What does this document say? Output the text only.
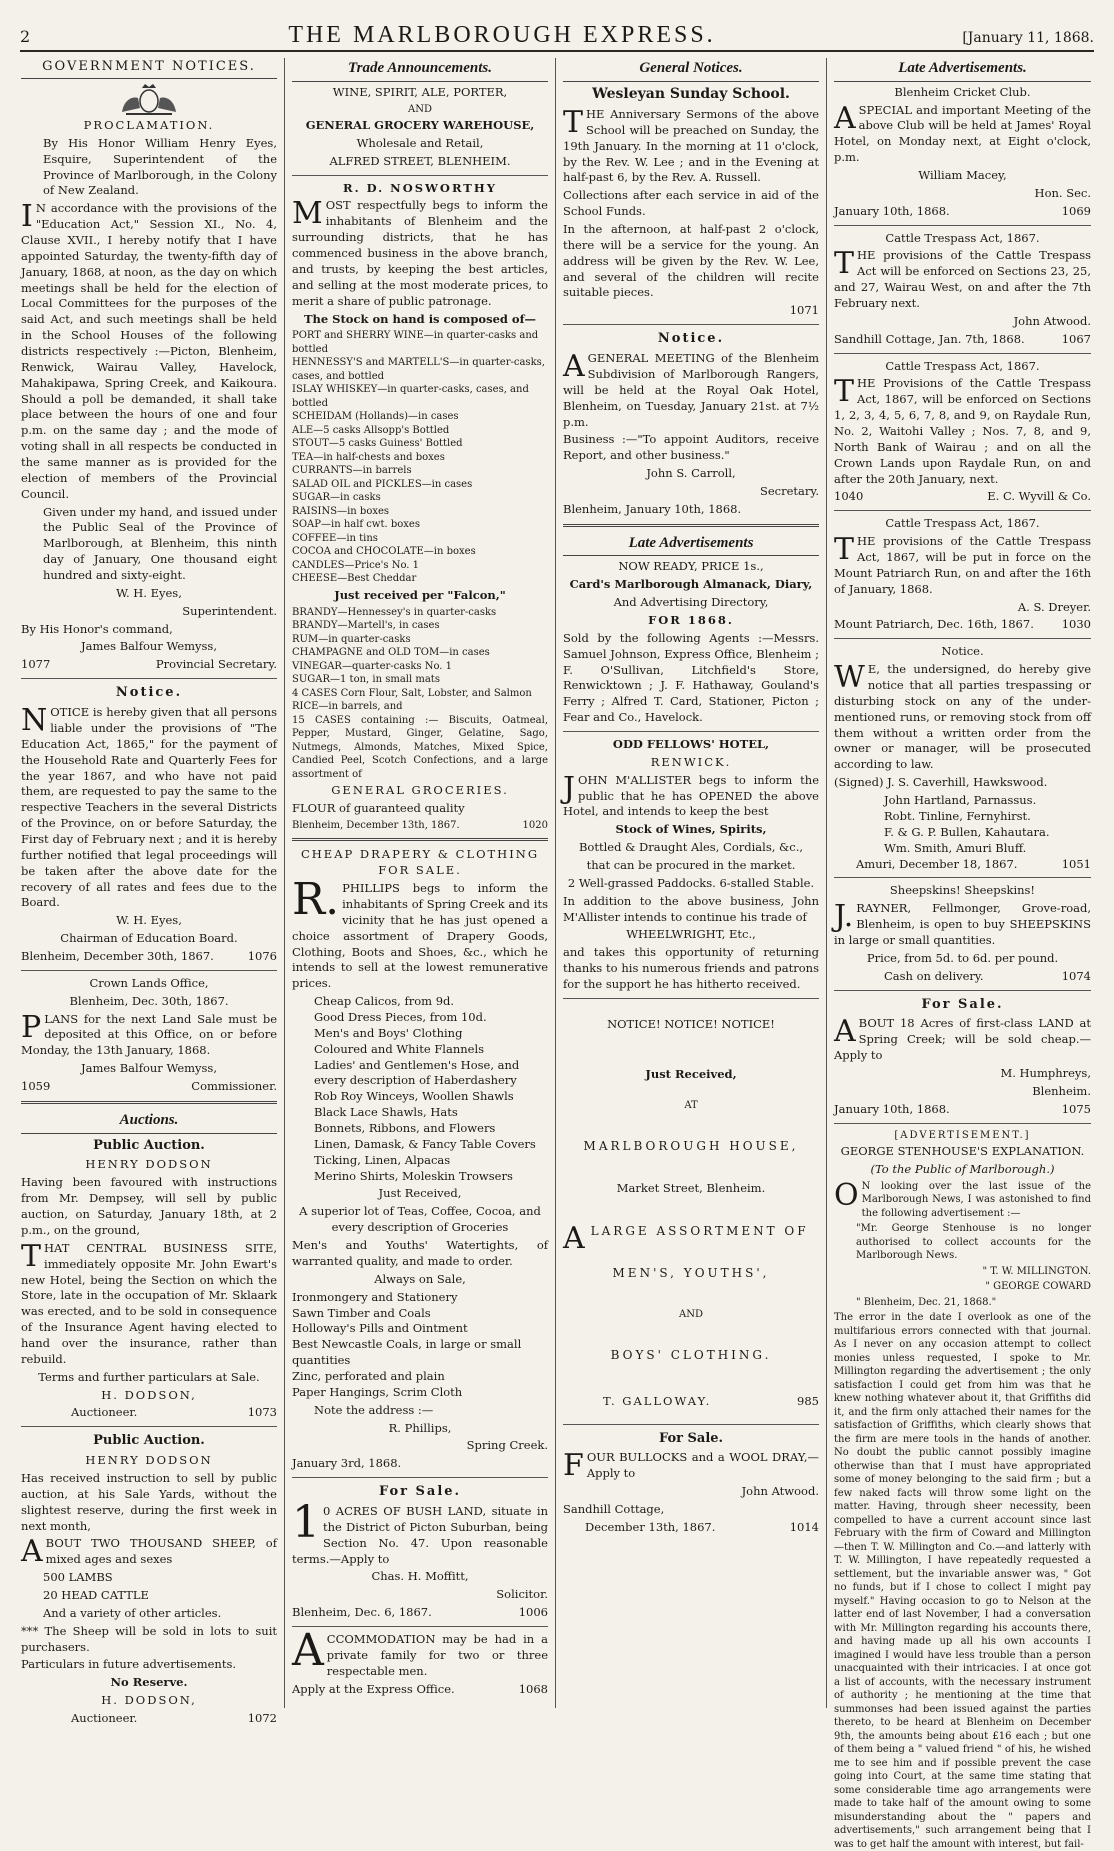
2	THE MARLBOROUGH EXPRESS.	[January 11, 1868.
GOVERNMENT NOTICES.
PROCLAMATION.

By His Honor William Henry Eyes, Esquire, Superintendent of the Province of Marlborough, in the Colony of New Zealand.

IN accordance with the provisions of the "Education Act," Session XI., No. 4, Clause XVII., I hereby notify that I have appointed Saturday, the twenty-fifth day of January, 1868, at noon, as the day on which meetings shall be held for the election of Local Committees for the purposes of the said Act, and such meetings shall be held in the School Houses of the following districts respectively :—Picton, Blenheim, Renwick, Wairau Valley, Havelock, Mahakipawa, Spring Creek, and Kaikoura. Should a poll be demanded, it shall take place between the hours of one and four p.m. on the same day ; and the mode of voting shall in all respects be conducted in the same manner as is provided for the election of members of the Provincial Council.

Given under my hand, and issued under the Public Seal of the Province of Marlborough, at Blenheim, this ninth day of January, One thousand eight hundred and sixty-eight.

W. H. Eyes,

Superintendent.

By His Honor's command,

James Balfour Wemyss,

1077	Provincial Secretary.
Notice.

NOTICE is hereby given that all persons liable under the provisions of "The Education Act, 1865," for the payment of the Household Rate and Quarterly Fees for the year 1867, and who have not paid them, are requested to pay the same to the respective Teachers in the several Districts of the Province, on or before Saturday, the First day of February next ; and it is hereby further notified that legal proceedings will be taken after the above date for the recovery of all rates and fees due to the Board.

W. H. Eyes,

Chairman of Education Board.

Blenheim, December 30th, 1867.	1076

Crown Lands Office,

Blenheim, Dec. 30th, 1867.

PLANS for the next Land Sale must be deposited at this Office, on or before Monday, the 13th January, 1868.

James Balfour Wemyss,

1059	Commissioner.
Auctions.
Public Auction.

HENRY DODSON

Having been favoured with instructions from Mr. Dempsey, will sell by public auction, on Saturday, January 18th, at 2 p.m., on the ground,

THAT CENTRAL BUSINESS SITE, immediately opposite Mr. John Ewart's new Hotel, being the Section on which the Store, late in the occupation of Mr. Sklaark was erected, and to be sold in consequence of the Insurance Agent having elected to hand over the insurance, rather than rebuild.

Terms and further particulars at Sale.

H. DODSON,

Auctioneer.	1073
Public Auction.

HENRY DODSON

Has received instruction to sell by public auction, at his Sale Yards, without the slightest reserve, during the first week in next month,

ABOUT TWO THOUSAND SHEEP, of mixed ages and sexes

500 LAMBS

20 HEAD CATTLE

And a variety of other articles.

*** The Sheep will be sold in lots to suit purchasers.

Particulars in future advertisements.

No Reserve.

H. DODSON,

Auctioneer.	1072
Trade Announcements.

WINE, SPIRIT, ALE, PORTER,

AND

GENERAL GROCERY WAREHOUSE,

Wholesale and Retail,

ALFRED STREET, BLENHEIM.

R. D. NOSWORTHY

MOST respectfully begs to inform the inhabitants of Blenheim and the surrounding districts, that he has commenced business in the above branch, and trusts, by keeping the best articles, and selling at the most moderate prices, to merit a share of public patronage.

The Stock on hand is composed of—

PORT and SHERRY WINE—in quarter-casks and bottled

HENNESSY'S and MARTELL'S—in quarter-casks, cases, and bottled

ISLAY WHISKEY—in quarter-casks, cases, and bottled

SCHEIDAM (Hollands)—in cases

ALE—5 casks Allsopp's Bottled

STOUT—5 casks Guiness' Bottled

TEA—in half-chests and boxes

CURRANTS—in barrels

SALAD OIL and PICKLES—in cases

SUGAR—in casks

RAISINS—in boxes

SOAP—in half cwt. boxes

COFFEE—in tins

COCOA and CHOCOLATE—in boxes

CANDLES—Price's No. 1

CHEESE—Best Cheddar

Just received per "Falcon,"

BRANDY—Hennessey's in quarter-casks

BRANDY—Martell's, in cases

RUM—in quarter-casks

CHAMPAGNE and OLD TOM—in cases

VINEGAR—quarter-casks No. 1

SUGAR—1 ton, in small mats

4 CASES Corn Flour, Salt, Lobster, and Salmon

RICE—in barrels, and

15 CASES containing :— Biscuits, Oatmeal, Pepper, Mustard, Ginger, Gelatine, Sago, Nutmegs, Almonds, Matches, Mixed Spice, Candied Peel, Scotch Confections, and a large assortment of

GENERAL GROCERIES.

FLOUR of guaranteed quality

Blenheim, December 13th, 1867.	1020

CHEAP DRAPERY & CLOTHING FOR SALE.

R.PHILLIPS begs to inform the inhabitants of Spring Creek and its vicinity that he has just opened a choice assortment of Drapery Goods, Clothing, Boots and Shoes, &c., which he intends to sell at the lowest remunerative prices.

Cheap Calicos, from 9d.

Good Dress Pieces, from 10d.

Men's and Boys' Clothing

Coloured and White Flannels

Ladies' and Gentlemen's Hose, and every description of Haberdashery

Rob Roy Winceys, Woollen Shawls

Black Lace Shawls, Hats

Bonnets, Ribbons, and Flowers

Linen, Damask, & Fancy Table Covers

Ticking, Linen, Alpacas

Merino Shirts, Moleskin Trowsers

Just Received,

A superior lot of Teas, Coffee, Cocoa, and every description of Groceries

Men's and Youths' Watertights, of warranted quality, and made to order.

Always on Sale,

Ironmongery and Stationery

Sawn Timber and Coals

Holloway's Pills and Ointment

Best Newcastle Coals, in large or small quantities

Zinc, perforated and plain

Paper Hangings, Scrim Cloth

Note the address :—

R. Phillips,

Spring Creek.

January 3rd, 1868.

For Sale.

10 ACRES OF BUSH LAND, situate in the District of Picton Suburban, being Section No. 47. Upon reasonable terms.—Apply to

Chas. H. Moffitt,

Solicitor.

Blenheim, Dec. 6, 1867.	1006

ACCOMMODATION may be had in a private family for two or three respectable men.

Apply at the Express Office.	1068
General Notices.
Wesleyan Sunday School.

THE Anniversary Sermons of the above School will be preached on Sunday, the 19th January. In the morning at 11 o'clock, by the Rev. W. Lee ; and in the Evening at half-past 6, by the Rev. A. Russell.

Collections after each service in aid of the School Funds.

In the afternoon, at half-past 2 o'clock, there will be a service for the young. An address will be given by the Rev. W. Lee, and several of the children will recite suitable pieces.

1071

Notice.

AGENERAL MEETING of the Blenheim Subdivision of Marlborough Rangers, will be held at the Royal Oak Hotel, Blenheim, on Tuesday, January 21st. at 7½ p.m.

Business :—"To appoint Auditors, receive Report, and other business."

John S. Carroll,

Secretary.

Blenheim, January 10th, 1868.

Late Advertisements

NOW READY, PRICE 1s.,

Card's Marlborough Almanack, Diary,

And Advertising Directory,

FOR 1868.

Sold by the following Agents :—Messrs. Samuel Johnson, Express Office, Blenheim ; F. O'Sullivan, Litchfield's Store, Renwicktown ; J. F. Hathaway, Gouland's Ferry ; Alfred T. Card, Stationer, Picton ; Fear and Co., Havelock.

ODD FELLOWS' HOTEL,

RENWICK.

JOHN M'ALLISTER begs to inform the public that he has OPENED the above Hotel, and intends to keep the best

Stock of Wines, Spirits,

Bottled & Draught Ales, Cordials, &c.,

that can be procured in the market.

2 Well-grassed Paddocks. 6-stalled Stable.

In addition to the above business, John M'Allister intends to continue his trade of

WHEELWRIGHT, Etc.,

and takes this opportunity of returning thanks to his numerous friends and patrons for the support he has hitherto received.

NOTICE! NOTICE! NOTICE!

Just Received,

AT

MARLBOROUGH HOUSE,

Market Street, Blenheim.

ALARGE ASSORTMENT OF

MEN'S, YOUTHS',

AND

BOYS' CLOTHING.

T. GALLOWAY.	985
For Sale.

FOUR BULLOCKS and a WOOL DRAY,—Apply to

John Atwood.

Sandhill Cottage,

December 13th, 1867.	1014
Late Advertisements.

Blenheim Cricket Club.

ASPECIAL and important Meeting of the above Club will be held at James' Royal Hotel, on Monday next, at Eight o'clock, p.m.

William Macey,

Hon. Sec.

January 10th, 1868.	1069

Cattle Trespass Act, 1867.

THE provisions of the Cattle Trespass Act will be enforced on Sections 23, 25, and 27, Wairau West, on and after the 7th February next.

John Atwood.

Sandhill Cottage, Jan. 7th, 1868.	1067

Cattle Trespass Act, 1867.

THE Provisions of the Cattle Trespass Act, 1867, will be enforced on Sections 1, 2, 3, 4, 5, 6, 7, 8, and 9, on Raydale Run, No. 2, Waitohi Valley ; Nos. 7, 8, and 9, North Bank of Wairau ; and on all the Crown Lands upon Raydale Run, on and after the 20th January, next.

1040	E. C. Wyvill & Co.

Cattle Trespass Act, 1867.

THE provisions of the Cattle Trespass Act, 1867, will be put in force on the Mount Patriarch Run, on and after the 16th of January, 1868.

A. S. Dreyer.

Mount Patriarch, Dec. 16th, 1867. 1030

Notice.

WE, the undersigned, do hereby give notice that all parties trespassing or disturbing stock on any of the under-mentioned runs, or removing stock from off them without a written order from the owner or manager, will be prosecuted according to law.

(Signed) J. S. Caverhill, Hawkswood.

John Hartland, Parnassus.

Robt. Tinline, Fernyhirst.

F. & G. P. Bullen, Kahautara.

Wm. Smith, Amuri Bluff.

Amuri, December 18, 1867.	1051

Sheepskins! Sheepskins!

J.RAYNER, Fellmonger, Grove-road, Blenheim, is open to buy SHEEPSKINS in large or small quantities.

Price, from 5d. to 6d. per pound.

Cash on delivery.	1074
For Sale.

ABOUT 18 Acres of first-class LAND at Spring Creek; will be sold cheap.—Apply to

M. Humphreys,

Blenheim.

January 10th, 1868.	1075

[ADVERTISEMENT.]

GEORGE STENHOUSE'S EXPLANATION.

(To the Public of Marlborough.)

ON looking over the last issue of the Marlborough News, I was astonished to find the following advertisement :—

"Mr. George Stenhouse is no longer authorised to collect accounts for the Marlborough News.

" T. W. MILLINGTON.

" GEORGE COWARD

" Blenheim, Dec. 21, 1868."

The error in the date I overlook as one of the multifarious errors connected with that journal. As I never on any occasion attempt to collect monies unless requested, I spoke to Mr. Millington regarding the advertisement ; the only satisfaction I could get from him was that he knew nothing whatever about it, that Griffiths did it, and the firm only attached their names for the satisfaction of Griffiths, which clearly shows that the firm are mere tools in the hands of another. No doubt the public cannot possibly imagine otherwise than that I must have appropriated some of money belonging to the said firm ; but a few naked facts will throw some light on the matter. Having, through sheer necessity, been compelled to have a current account since last February with the firm of Coward and Millington—then T. W. Millington and Co.—and latterly with T. W. Millington, I have repeatedly requested a settlement, but the invariable answer was, " Got no funds, but if I chose to collect I might pay myself." Having occasion to go to Nelson at the latter end of last November, I had a conversation with Mr. Millington regarding his accounts there, and having made up all his own accounts I imagined I would have less trouble than a person unacquainted with their intricacies. I at once got a list of accounts, with the necessary instrument of authority ; he mentioning at the time that summonses had been issued against the parties thereto, to be heard at Blenheim on December 9th, the amounts being about £16 each ; but one of them being a " valued friend " of his, he wished me to see him and if possible prevent the case going into Court, at the same time stating that some considerable time ago arrangements were made to take half of the amount owing to some misunderstanding about the " papers and advertisements," such arrangement being that I was to get half the amount with interest, but fail-
